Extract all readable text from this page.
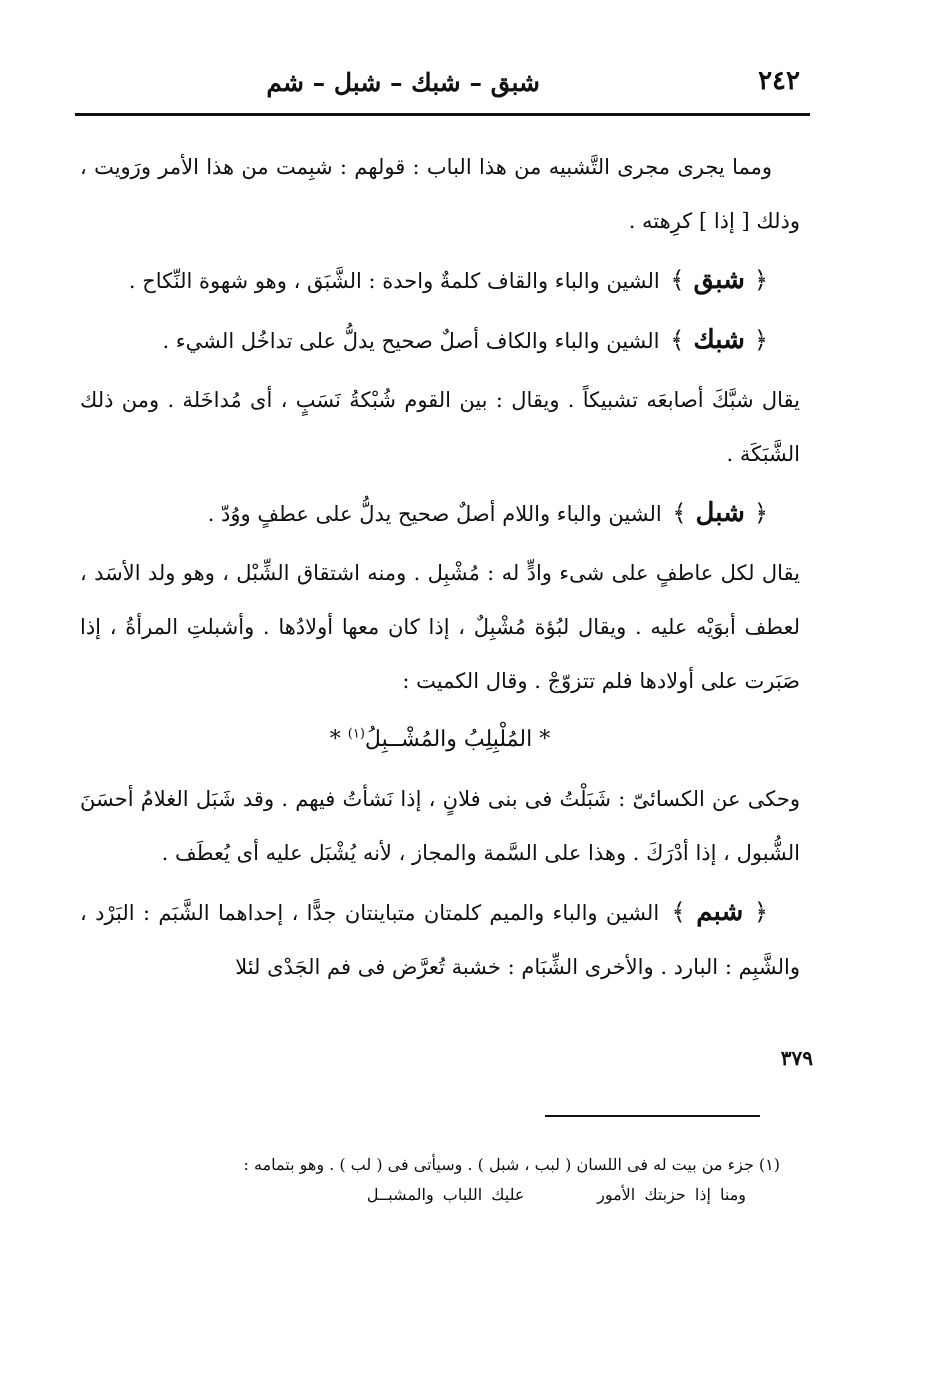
٢٤٢
شبق – شبك – شبل – شم

ومما يجرى مجرى التَّشبيه من هذا الباب : قولهم : شبِمت من هذا الأمر ورَويت ، وذلك [ إذا ] كرِهته .

﴿ شبق ﴾ الشين والباء والقاف كلمةٌ واحدة : الشَّبَق ، وهو شهوة النِّكاح .

﴿ شبك ﴾ الشين والباء والكاف أصلٌ صحيح يدلُّ على تداخُل الشيء .

يقال شبَّكَ أصابعَه تشبيكاً . ويقال : بين القوم شُبْكةُ نَسَبٍ ، أى مُداخَلة . ومن ذلك الشَّبَكَة .

﴿ شبل ﴾ الشين والباء واللام أصلٌ صحيح يدلُّ على عطفٍ ووُدّ .

يقال لكل عاطفٍ على شىء وادٍّ له : مُشْبِل . ومنه اشتقاق الشِّبْل ، وهو ولد الأسَد ، لعطف أبوَيْه عليه . ويقال لبُؤة مُشْبِلٌ ، إذا كان معها أولادُها . وأشبلتِ المرأةُ ، إذا صَبَرت على أولادها فلم تتزوّجْ . وقال الكميت :

* المُلْبِلِبُ والمُشْــبِلُ$^{(١)}$ *

وحكى عن الكسائىّ : شَبَلْتُ فى بنى فلانٍ ، إذا نَشأتُ فيهم . وقد شَبَل الغلامُ أحسَنَ الشُّبول ، إذا أدْرَكَ . وهذا على السَّمة والمجاز ، لأنه يُشْبَل عليه أى يُعطَف .

﴿ شبم ﴾ الشين والباء والميم كلمتان متباينتان جدًّا ، إحداهما الشَّبَم : البَرْد ، والشَّبِم : البارد . والأخرى الشِّبَام : خشبة تُعرَّض فى فم الجَدْى لئلا

٣٧٩
(١) جزء من بيت له فى اللسان ( لبب ، شبل ) . وسيأتى فى ( لب ) . وهو بتمامه :
ومنا إذا حزبتك الأمور        عليك اللباب والمشبــل
